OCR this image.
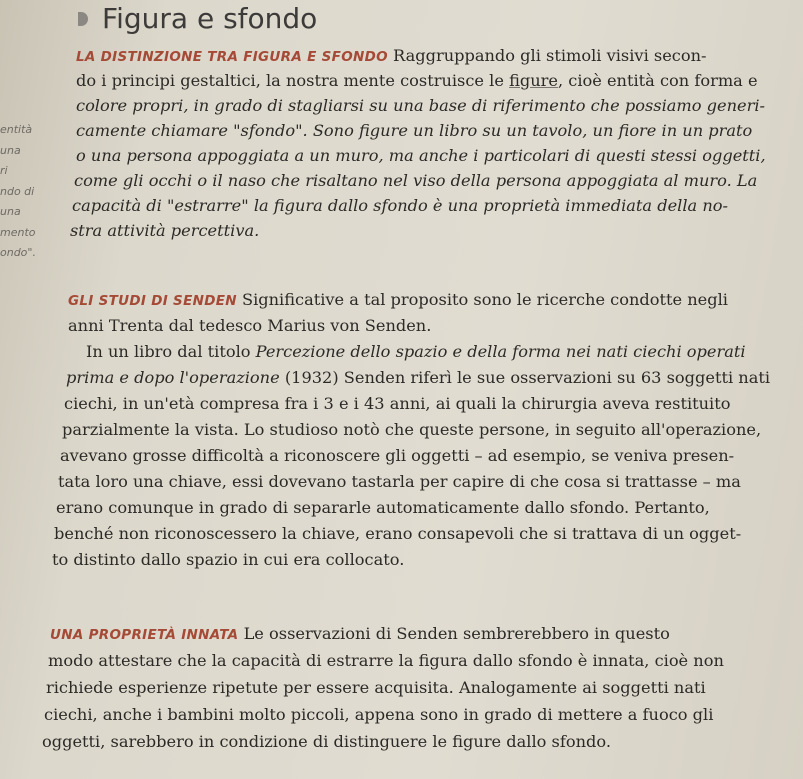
Figura e sfondo
entità
una
ri
ndo di
una
mento
ondo".
LA DISTINZIONE TRA FIGURA E SFONDO Raggruppando gli stimoli visivi secon-
do i principi gestaltici, la nostra mente costruisce le figure, cioè entità con forma e
colore propri, in grado di stagliarsi su una base di riferimento che possiamo generi-
camente chiamare "sfondo". Sono figure un libro su un tavolo, un fiore in un prato
o una persona appoggiata a un muro, ma anche i particolari di questi stessi oggetti,
come gli occhi o il naso che risaltano nel viso della persona appoggiata al muro. La
capacità di "estrarre" la figura dallo sfondo è una proprietà immediata della no-
stra attività percettiva.
GLI STUDI DI SENDEN Significative a tal proposito sono le ricerche condotte negli
anni Trenta dal tedesco Marius von Senden.
In un libro dal titolo Percezione dello spazio e della forma nei nati ciechi operati
prima e dopo l'operazione (1932) Senden riferì le sue osservazioni su 63 soggetti nati
ciechi, in un'età compresa fra i 3 e i 43 anni, ai quali la chirurgia aveva restituito
parzialmente la vista. Lo studioso notò che queste persone, in seguito all'operazione,
avevano grosse difficoltà a riconoscere gli oggetti – ad esempio, se veniva presen-
tata loro una chiave, essi dovevano tastarla per capire di che cosa si trattasse – ma
erano comunque in grado di separarle automaticamente dallo sfondo. Pertanto,
benché non riconoscessero la chiave, erano consapevoli che si trattava di un ogget-
to distinto dallo spazio in cui era collocato.
UNA PROPRIETÀ INNATA Le osservazioni di Senden sembrerebbero in questo
modo attestare che la capacità di estrarre la figura dallo sfondo è innata, cioè non
richiede esperienze ripetute per essere acquisita. Analogamente ai soggetti nati
ciechi, anche i bambini molto piccoli, appena sono in grado di mettere a fuoco gli
oggetti, sarebbero in condizione di distinguere le figure dallo sfondo.
